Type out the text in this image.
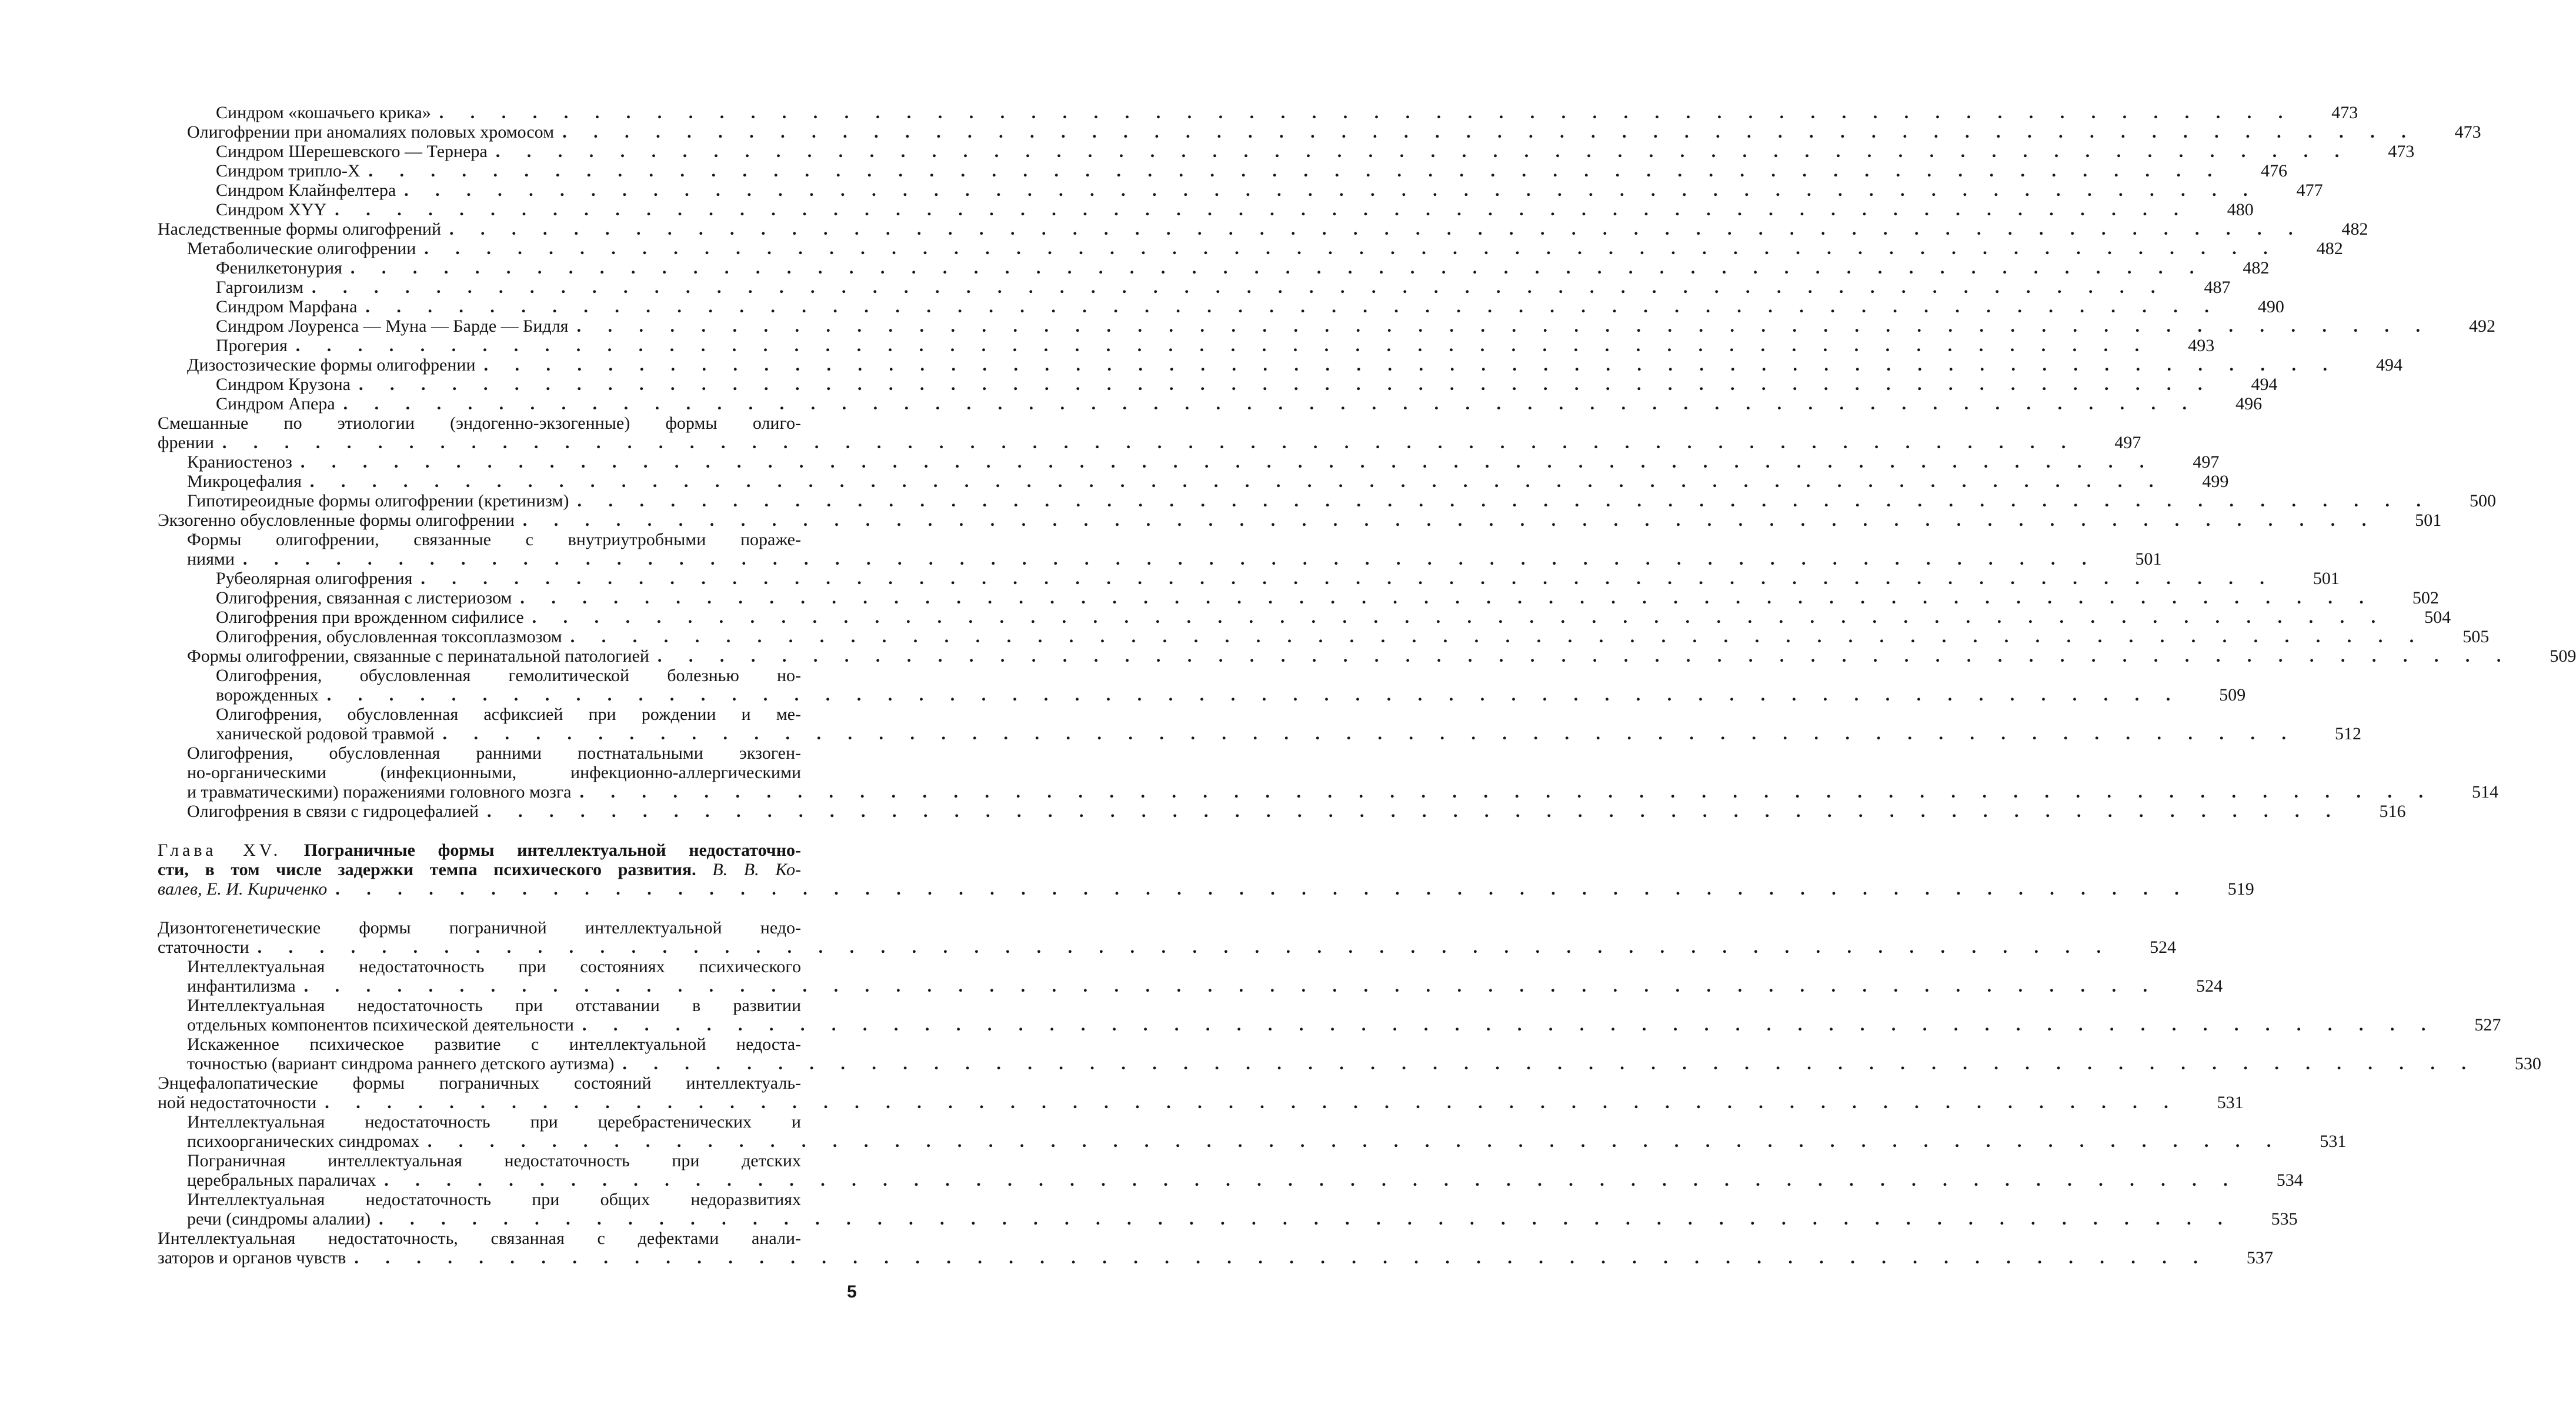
Синдром «кошачьего крика» . . . . . . . . . . . . . . . . . . . . . . . . . . . . . . . . . . . . . . . . . . . . . . . . . . . . . . . . . . . .	473
Олигофрении при аномалиях половых хромосом . . . . . . . . . . . . . . . . . . . . . . . . . . . . . . . . . . . . . . . . . . . . . . . . . . . . . . . . . . . .	473
Синдром Шерешевского — Тернера . . . . . . . . . . . . . . . . . . . . . . . . . . . . . . . . . . . . . . . . . . . . . . . . . . . . . . . . . . . .	473
Синдром трипло-Х . . . . . . . . . . . . . . . . . . . . . . . . . . . . . . . . . . . . . . . . . . . . . . . . . . . . . . . . . . . .	476
Синдром Клайнфелтера . . . . . . . . . . . . . . . . . . . . . . . . . . . . . . . . . . . . . . . . . . . . . . . . . . . . . . . . . . . .	477
Синдром XYY . . . . . . . . . . . . . . . . . . . . . . . . . . . . . . . . . . . . . . . . . . . . . . . . . . . . . . . . . . . .	480
Наследственные формы олигофрений . . . . . . . . . . . . . . . . . . . . . . . . . . . . . . . . . . . . . . . . . . . . . . . . . . . . . . . . . . . .	482
Метаболические олигофрении . . . . . . . . . . . . . . . . . . . . . . . . . . . . . . . . . . . . . . . . . . . . . . . . . . . . . . . . . . . .	482
Фенилкетонурия . . . . . . . . . . . . . . . . . . . . . . . . . . . . . . . . . . . . . . . . . . . . . . . . . . . . . . . . . . . .	482
Гаргоилизм . . . . . . . . . . . . . . . . . . . . . . . . . . . . . . . . . . . . . . . . . . . . . . . . . . . . . . . . . . . .	487
Синдром Марфана . . . . . . . . . . . . . . . . . . . . . . . . . . . . . . . . . . . . . . . . . . . . . . . . . . . . . . . . . . . .	490
Синдром Лоуренса — Муна — Барде — Бидля . . . . . . . . . . . . . . . . . . . . . . . . . . . . . . . . . . . . . . . . . . . . . . . . . . . . . . . . . . . .	492
Прогерия . . . . . . . . . . . . . . . . . . . . . . . . . . . . . . . . . . . . . . . . . . . . . . . . . . . . . . . . . . . .	493
Дизостозические формы олигофрении . . . . . . . . . . . . . . . . . . . . . . . . . . . . . . . . . . . . . . . . . . . . . . . . . . . . . . . . . . . .	494
Синдром Крузона . . . . . . . . . . . . . . . . . . . . . . . . . . . . . . . . . . . . . . . . . . . . . . . . . . . . . . . . . . . .	494
Синдром Апера . . . . . . . . . . . . . . . . . . . . . . . . . . . . . . . . . . . . . . . . . . . . . . . . . . . . . . . . . . . .	496
Смешанные по этиологии (эндогенно-экзогенные) формы олиго-
френии . . . . . . . . . . . . . . . . . . . . . . . . . . . . . . . . . . . . . . . . . . . . . . . . . . . . . . . . . . . .	497
Краниостеноз . . . . . . . . . . . . . . . . . . . . . . . . . . . . . . . . . . . . . . . . . . . . . . . . . . . . . . . . . . . .	497
Микроцефалия . . . . . . . . . . . . . . . . . . . . . . . . . . . . . . . . . . . . . . . . . . . . . . . . . . . . . . . . . . . .	499
Гипотиреоидные формы олигофрении (кретинизм) . . . . . . . . . . . . . . . . . . . . . . . . . . . . . . . . . . . . . . . . . . . . . . . . . . . . . . . . . . . .	500
Экзогенно обусловленные формы олигофрении . . . . . . . . . . . . . . . . . . . . . . . . . . . . . . . . . . . . . . . . . . . . . . . . . . . . . . . . . . . .	501
Формы олигофрении, связанные с внутриутробными пораже-
ниями . . . . . . . . . . . . . . . . . . . . . . . . . . . . . . . . . . . . . . . . . . . . . . . . . . . . . . . . . . . .	501
Рубеолярная олигофрения . . . . . . . . . . . . . . . . . . . . . . . . . . . . . . . . . . . . . . . . . . . . . . . . . . . . . . . . . . . .	501
Олигофрения, связанная с листериозом . . . . . . . . . . . . . . . . . . . . . . . . . . . . . . . . . . . . . . . . . . . . . . . . . . . . . . . . . . . .	502
Олигофрения при врожденном сифилисе . . . . . . . . . . . . . . . . . . . . . . . . . . . . . . . . . . . . . . . . . . . . . . . . . . . . . . . . . . . .	504
Олигофрения, обусловленная токсоплазмозом . . . . . . . . . . . . . . . . . . . . . . . . . . . . . . . . . . . . . . . . . . . . . . . . . . . . . . . . . . . .	505
Формы олигофрении, связанные с перинатальной патологией . . . . . . . . . . . . . . . . . . . . . . . . . . . . . . . . . . . . . . . . . . . . . . . . . . . . . . . . . . . .	509
Олигофрения, обусловленная гемолитической болезнью но-
ворожденных . . . . . . . . . . . . . . . . . . . . . . . . . . . . . . . . . . . . . . . . . . . . . . . . . . . . . . . . . . . .	509
Олигофрения, обусловленная асфиксией при рождении и ме-
ханической родовой травмой . . . . . . . . . . . . . . . . . . . . . . . . . . . . . . . . . . . . . . . . . . . . . . . . . . . . . . . . . . . .	512
Олигофрения, обусловленная ранними постнатальными экзоген-
но-органическими (инфекционными, инфекционно-аллергическими
и травматическими) поражениями головного мозга . . . . . . . . . . . . . . . . . . . . . . . . . . . . . . . . . . . . . . . . . . . . . . . . . . . . . . . . . . . .	514
Олигофрения в связи с гидроцефалией . . . . . . . . . . . . . . . . . . . . . . . . . . . . . . . . . . . . . . . . . . . . . . . . . . . . . . . . . . . .	516
Глава XV. Пограничные формы интеллектуальной недостаточно-
сти, в том числе задержки темпа психического развития. В. В. Ко-
валев, Е. И. Кириченко . . . . . . . . . . . . . . . . . . . . . . . . . . . . . . . . . . . . . . . . . . . . . . . . . . . . . . . . . . . .	519
Дизонтогенетические формы пограничной интеллектуальной недо-
статочности . . . . . . . . . . . . . . . . . . . . . . . . . . . . . . . . . . . . . . . . . . . . . . . . . . . . . . . . . . . .	524
Интеллектуальная недостаточность при состояниях психического
инфантилизма . . . . . . . . . . . . . . . . . . . . . . . . . . . . . . . . . . . . . . . . . . . . . . . . . . . . . . . . . . . .	524
Интеллектуальная недостаточность при отставании в развитии
отдельных компонентов психической деятельности . . . . . . . . . . . . . . . . . . . . . . . . . . . . . . . . . . . . . . . . . . . . . . . . . . . . . . . . . . . .	527
Искаженное психическое развитие с интеллектуальной недоста-
точностью (вариант синдрома раннего детского аутизма) . . . . . . . . . . . . . . . . . . . . . . . . . . . . . . . . . . . . . . . . . . . . . . . . . . . . . . . . . . . .	530
Энцефалопатические формы пограничных состояний интеллектуаль-
ной недостаточности . . . . . . . . . . . . . . . . . . . . . . . . . . . . . . . . . . . . . . . . . . . . . . . . . . . . . . . . . . . .	531
Интеллектуальная недостаточность при церебрастенических и
психоорганических синдромах . . . . . . . . . . . . . . . . . . . . . . . . . . . . . . . . . . . . . . . . . . . . . . . . . . . . . . . . . . . .	531
Пограничная интеллектуальная недостаточность при детских
церебральных параличах . . . . . . . . . . . . . . . . . . . . . . . . . . . . . . . . . . . . . . . . . . . . . . . . . . . . . . . . . . . .	534
Интеллектуальная недостаточность при общих недоразвитиях
речи (синдромы алалии) . . . . . . . . . . . . . . . . . . . . . . . . . . . . . . . . . . . . . . . . . . . . . . . . . . . . . . . . . . . .	535
Интеллектуальная недостаточность, связанная с дефектами анали-
заторов и органов чувств . . . . . . . . . . . . . . . . . . . . . . . . . . . . . . . . . . . . . . . . . . . . . . . . . . . . . . . . . . . .	537
5
